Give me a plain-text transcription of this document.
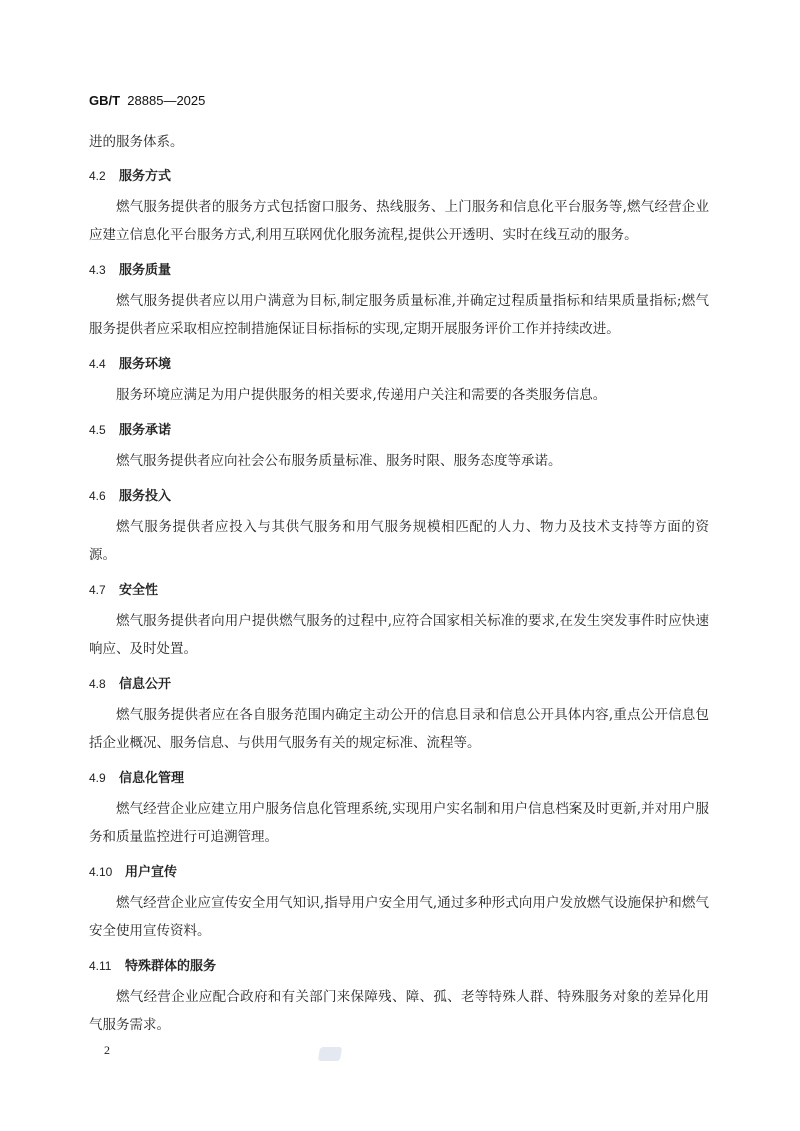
GB/T 28885—2025

进的服务体系。

4.2	服务方式

燃气服务提供者的服务方式包括窗口服务、热线服务、上门服务和信息化平台服务等,燃气经营企业应建立信息化平台服务方式,利用互联网优化服务流程,提供公开透明、实时在线互动的服务。

4.3	服务质量

燃气服务提供者应以用户满意为目标,制定服务质量标准,并确定过程质量指标和结果质量指标;燃气服务提供者应采取相应控制措施保证目标指标的实现,定期开展服务评价工作并持续改进。

4.4	服务环境

服务环境应满足为用户提供服务的相关要求,传递用户关注和需要的各类服务信息。

4.5	服务承诺

燃气服务提供者应向社会公布服务质量标准、服务时限、服务态度等承诺。

4.6	服务投入

燃气服务提供者应投入与其供气服务和用气服务规模相匹配的人力、物力及技术支持等方面的资源。

4.7	安全性

燃气服务提供者向用户提供燃气服务的过程中,应符合国家相关标准的要求,在发生突发事件时应快速响应、及时处置。

4.8	信息公开

燃气服务提供者应在各自服务范围内确定主动公开的信息目录和信息公开具体内容,重点公开信息包括企业概况、服务信息、与供用气服务有关的规定标准、流程等。

4.9	信息化管理

燃气经营企业应建立用户服务信息化管理系统,实现用户实名制和用户信息档案及时更新,并对用户服务和质量监控进行可追溯管理。

4.10 用户宣传

燃气经营企业应宣传安全用气知识,指导用户安全用气,通过多种形式向用户发放燃气设施保护和燃气安全使用宣传资料。

4.11	特殊群体的服务

燃气经营企业应配合政府和有关部门来保障残、障、孤、老等特殊人群、特殊服务对象的差异化用气服务需求。

2
